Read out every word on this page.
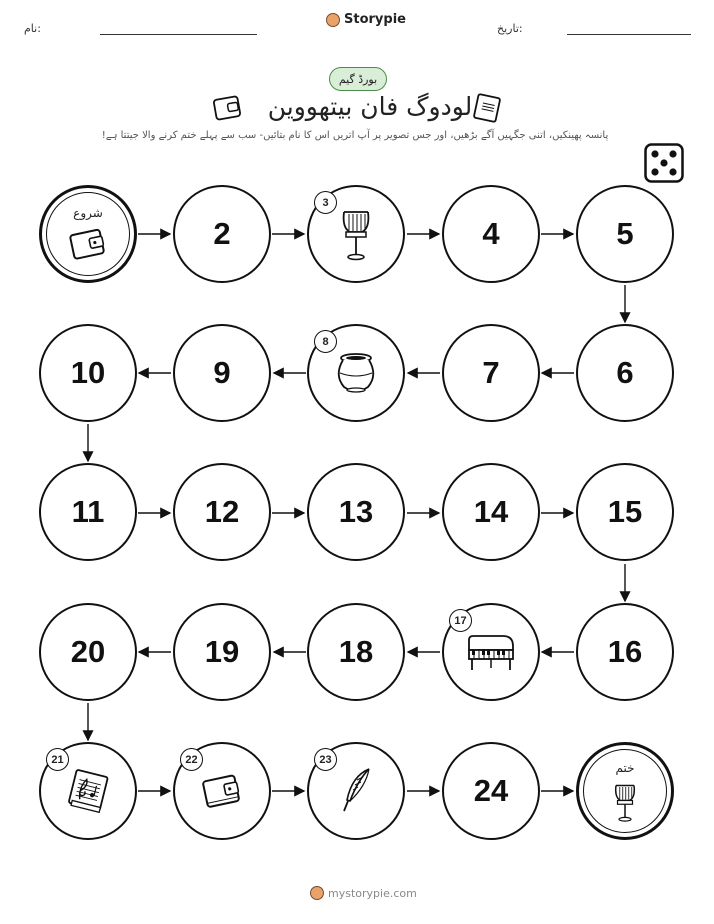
نام:
Storypie
تاریخ:
بورڈ گیم
لودوگ فان بیتھووین
پانسہ پھینکیں، اتنی جگہیں آگے بڑھیں، اور جس تصویر پر آپ اتریں اس کا نام بتائیں- سب سے پہلے ختم کرنے والا جیتتا ہے!
شروع
2
3
4	5
10	9
8
7	6
11	12	13	14	15
20	19	18
17
16
21	22	23
24
ختم
mystorypie.com
